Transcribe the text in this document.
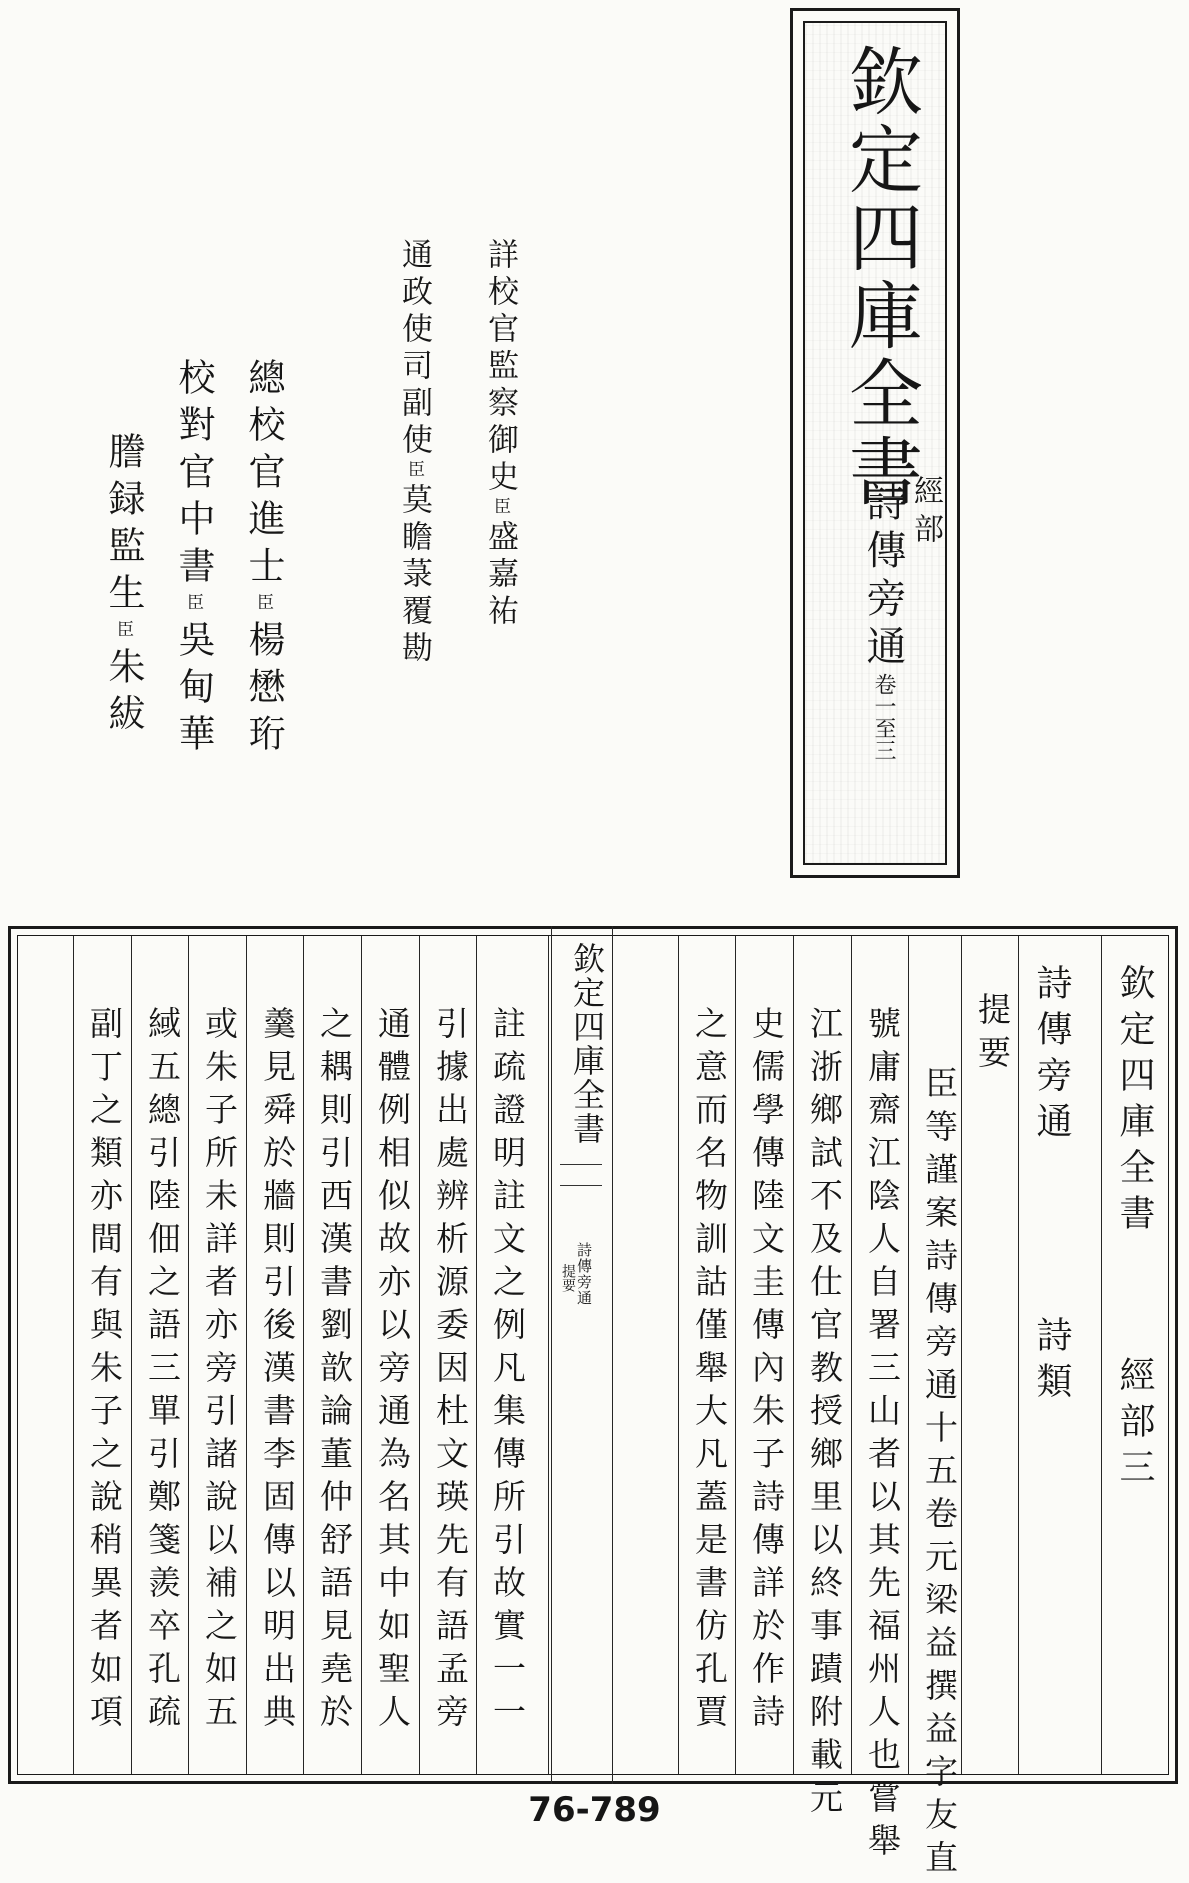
欽定四庫全書
經部
詩傳旁通卷一至三
詳校官監察御史臣盛嘉祐
通政使司副使臣莫瞻菉覆勘
總校官進士臣楊懋珩
校對官中書臣吳甸華
謄録監生臣朱紱
欽定四庫全書
經部三
詩傳旁通
詩類
提要
臣等謹案詩傳旁通十五卷元梁益撰益字友直
號庸齋江陰人自署三山者以其先福州人也嘗舉
江浙鄉試不及仕官教授鄉里以終事蹟附載元
史儒學傳陸文圭傳內朱子詩傳詳於作詩
之意而名物訓詁僅舉大凡蓋是書仿孔賈
註疏證明註文之例凡集傳所引故實一一
引據出處辨析源委因杜文瑛先有語孟旁
通體例相似故亦以旁通為名其中如聖人
之耦則引西漢書劉歆論董仲舒語見堯於
羹見舜於牆則引後漢書李固傳以明出典
或朱子所未詳者亦旁引諸說以補之如五
緎五總引陸佃之語三單引鄭箋羨卒孔疏
副丁之類亦間有與朱子之說稍異者如項	欽定四庫全書
詩傳旁通
提要
76-789
